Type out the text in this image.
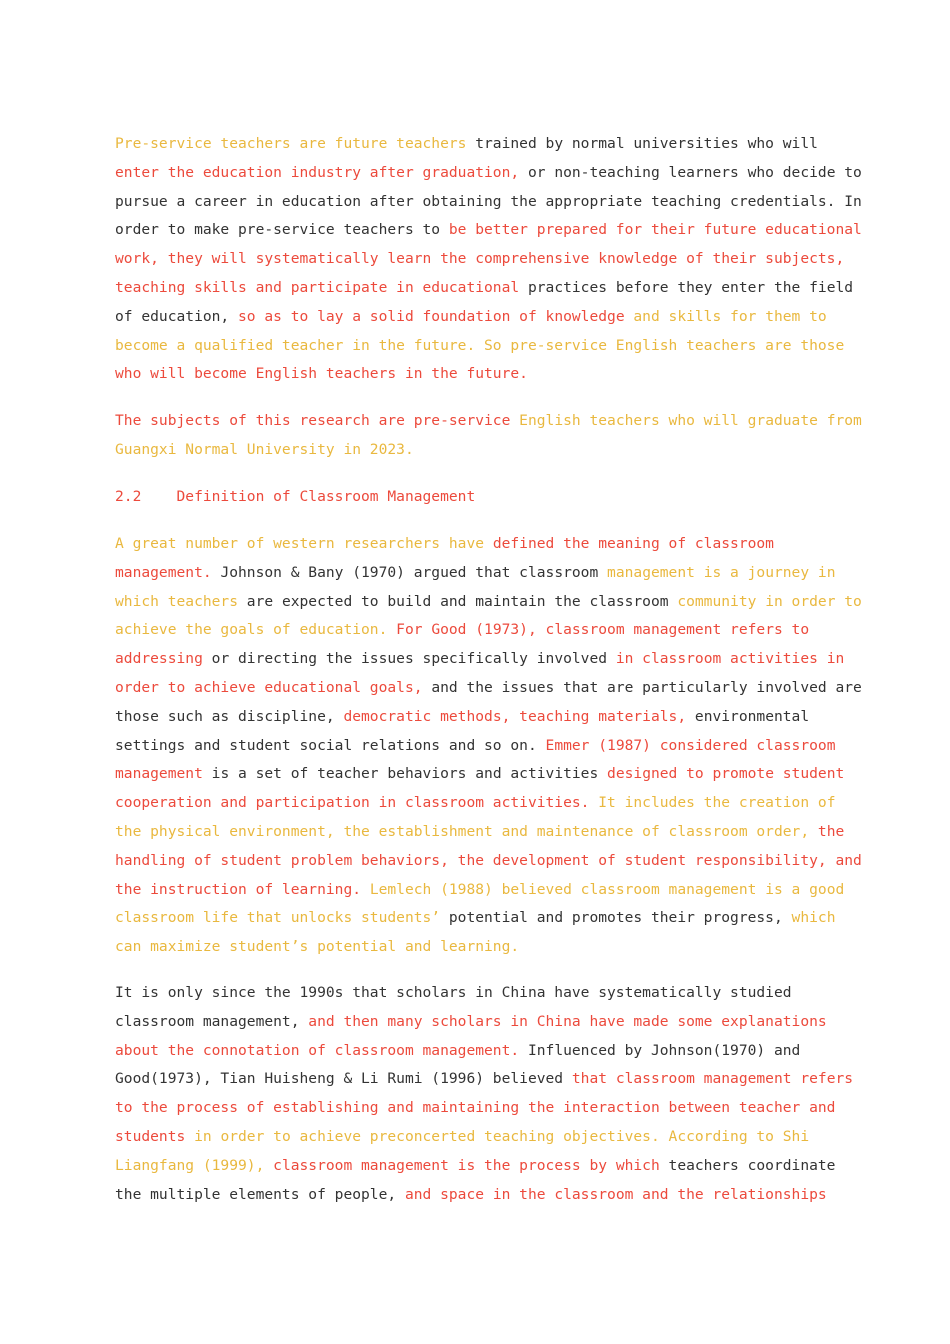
Pre-service teachers are future teachers trained by normal universities who will
enter the education industry after graduation, or non-teaching learners who decide to
pursue a career in education after obtaining the appropriate teaching credentials. In
order to make pre-service teachers to be better prepared for their future educational
work, they will systematically learn the comprehensive knowledge of their subjects,
teaching skills and participate in educational practices before they enter the field
of education, so as to lay a solid foundation of knowledge and skills for them to
become a qualified teacher in the future. So pre-service English teachers are those
who will become English teachers in the future.
The subjects of this research are pre-service English teachers who will graduate from
Guangxi Normal University in 2023.
2.2    Definition of Classroom Management
A great number of western researchers have defined the meaning of classroom
management. Johnson & Bany (1970) argued that classroom management is a journey in
which teachers are expected to build and maintain the classroom community in order to
achieve the goals of education. For Good (1973), classroom management refers to
addressing or directing the issues specifically involved in classroom activities in
order to achieve educational goals, and the issues that are particularly involved are
those such as discipline, democratic methods, teaching materials, environmental
settings and student social relations and so on. Emmer (1987) considered classroom
management is a set of teacher behaviors and activities designed to promote student
cooperation and participation in classroom activities. It includes the creation of
the physical environment, the establishment and maintenance of classroom order, the
handling of student problem behaviors, the development of student responsibility, and
the instruction of learning. Lemlech (1988) believed classroom management is a good
classroom life that unlocks students’ potential and promotes their progress, which
can maximize student’s potential and learning.
It is only since the 1990s that scholars in China have systematically studied
classroom management, and then many scholars in China have made some explanations
about the connotation of classroom management. Influenced by Johnson(1970) and
Good(1973), Tian Huisheng & Li Rumi (1996) believed that classroom management refers
to the process of establishing and maintaining the interaction between teacher and
students in order to achieve preconcerted teaching objectives. According to Shi
Liangfang (1999), classroom management is the process by which teachers coordinate
the multiple elements of people, and space in the classroom and the relationships
